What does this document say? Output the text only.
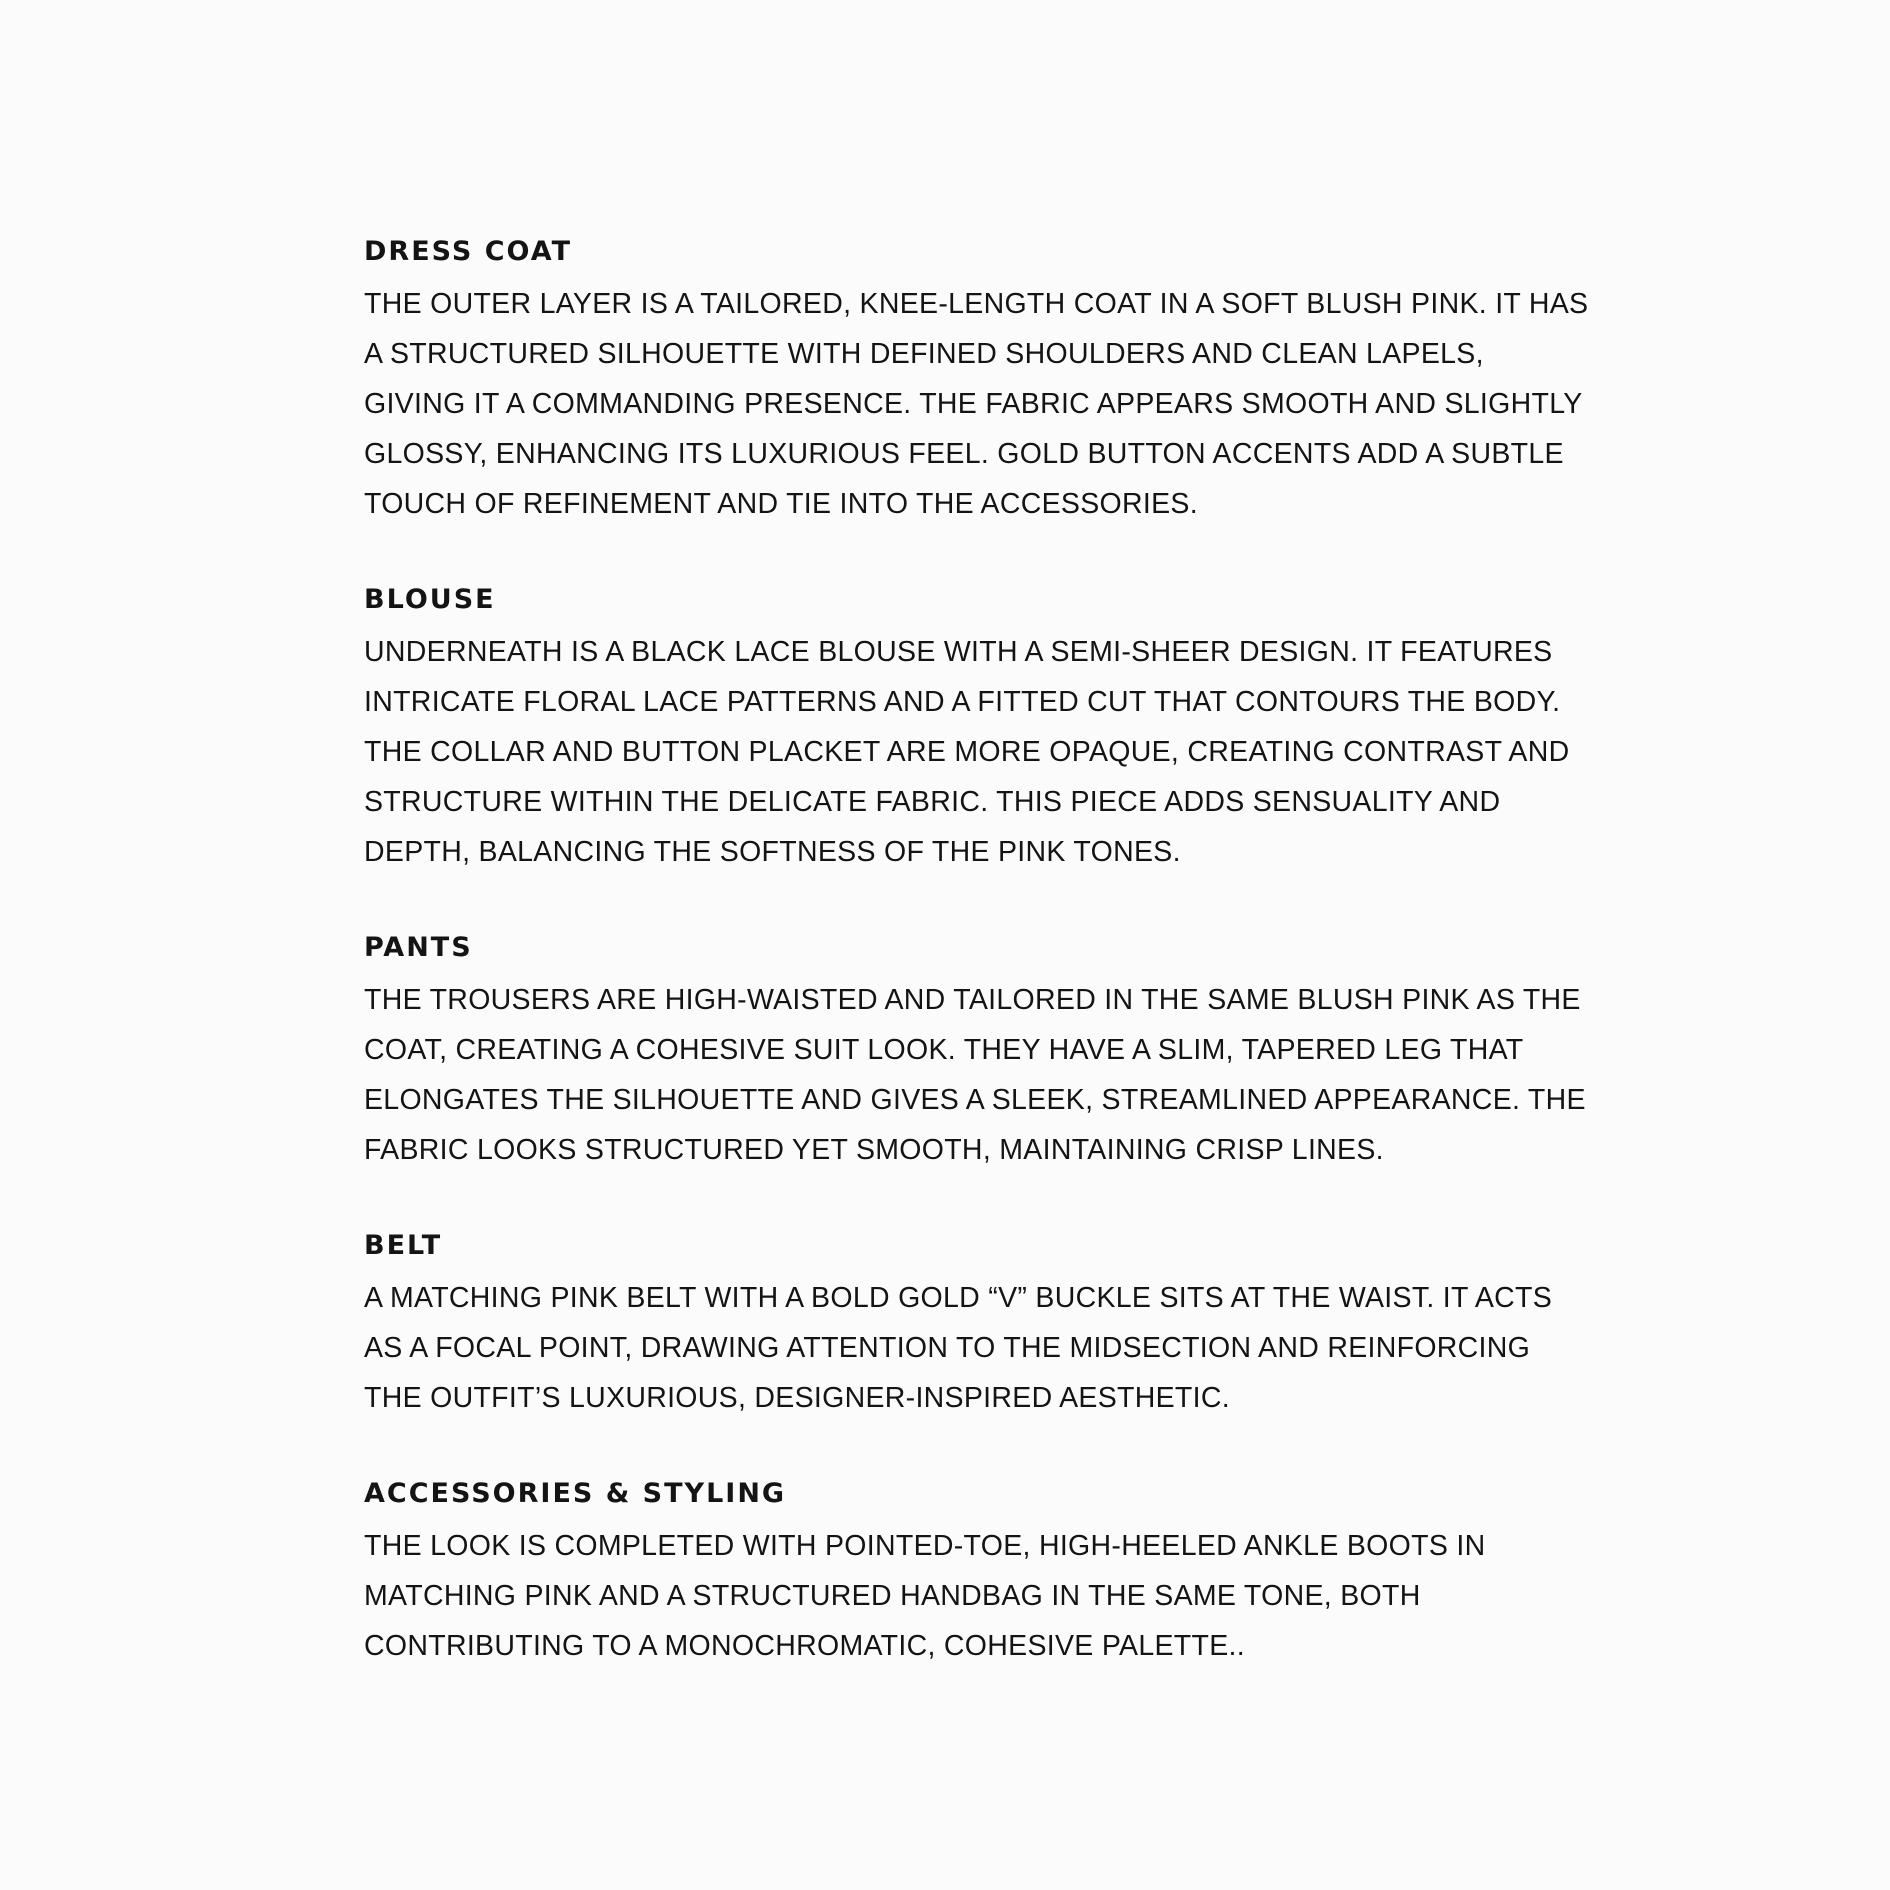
DRESS COAT
THE OUTER LAYER IS A TAILORED, KNEE-LENGTH COAT IN A SOFT BLUSH PINK. IT HAS
A STRUCTURED SILHOUETTE WITH DEFINED SHOULDERS AND CLEAN LAPELS,
GIVING IT A COMMANDING PRESENCE. THE FABRIC APPEARS SMOOTH AND SLIGHTLY
GLOSSY, ENHANCING ITS LUXURIOUS FEEL. GOLD BUTTON ACCENTS ADD A SUBTLE
TOUCH OF REFINEMENT AND TIE INTO THE ACCESSORIES.
BLOUSE
UNDERNEATH IS A BLACK LACE BLOUSE WITH A SEMI-SHEER DESIGN. IT FEATURES
INTRICATE FLORAL LACE PATTERNS AND A FITTED CUT THAT CONTOURS THE BODY.
THE COLLAR AND BUTTON PLACKET ARE MORE OPAQUE, CREATING CONTRAST AND
STRUCTURE WITHIN THE DELICATE FABRIC. THIS PIECE ADDS SENSUALITY AND
DEPTH, BALANCING THE SOFTNESS OF THE PINK TONES.
PANTS
THE TROUSERS ARE HIGH-WAISTED AND TAILORED IN THE SAME BLUSH PINK AS THE
COAT, CREATING A COHESIVE SUIT LOOK. THEY HAVE A SLIM, TAPERED LEG THAT
ELONGATES THE SILHOUETTE AND GIVES A SLEEK, STREAMLINED APPEARANCE. THE
FABRIC LOOKS STRUCTURED YET SMOOTH, MAINTAINING CRISP LINES.
BELT
A MATCHING PINK BELT WITH A BOLD GOLD “V” BUCKLE SITS AT THE WAIST. IT ACTS
AS A FOCAL POINT, DRAWING ATTENTION TO THE MIDSECTION AND REINFORCING
THE OUTFIT’S LUXURIOUS, DESIGNER-INSPIRED AESTHETIC.
ACCESSORIES & STYLING
THE LOOK IS COMPLETED WITH POINTED-TOE, HIGH-HEELED ANKLE BOOTS IN
MATCHING PINK AND A STRUCTURED HANDBAG IN THE SAME TONE, BOTH
CONTRIBUTING TO A MONOCHROMATIC, COHESIVE PALETTE..
